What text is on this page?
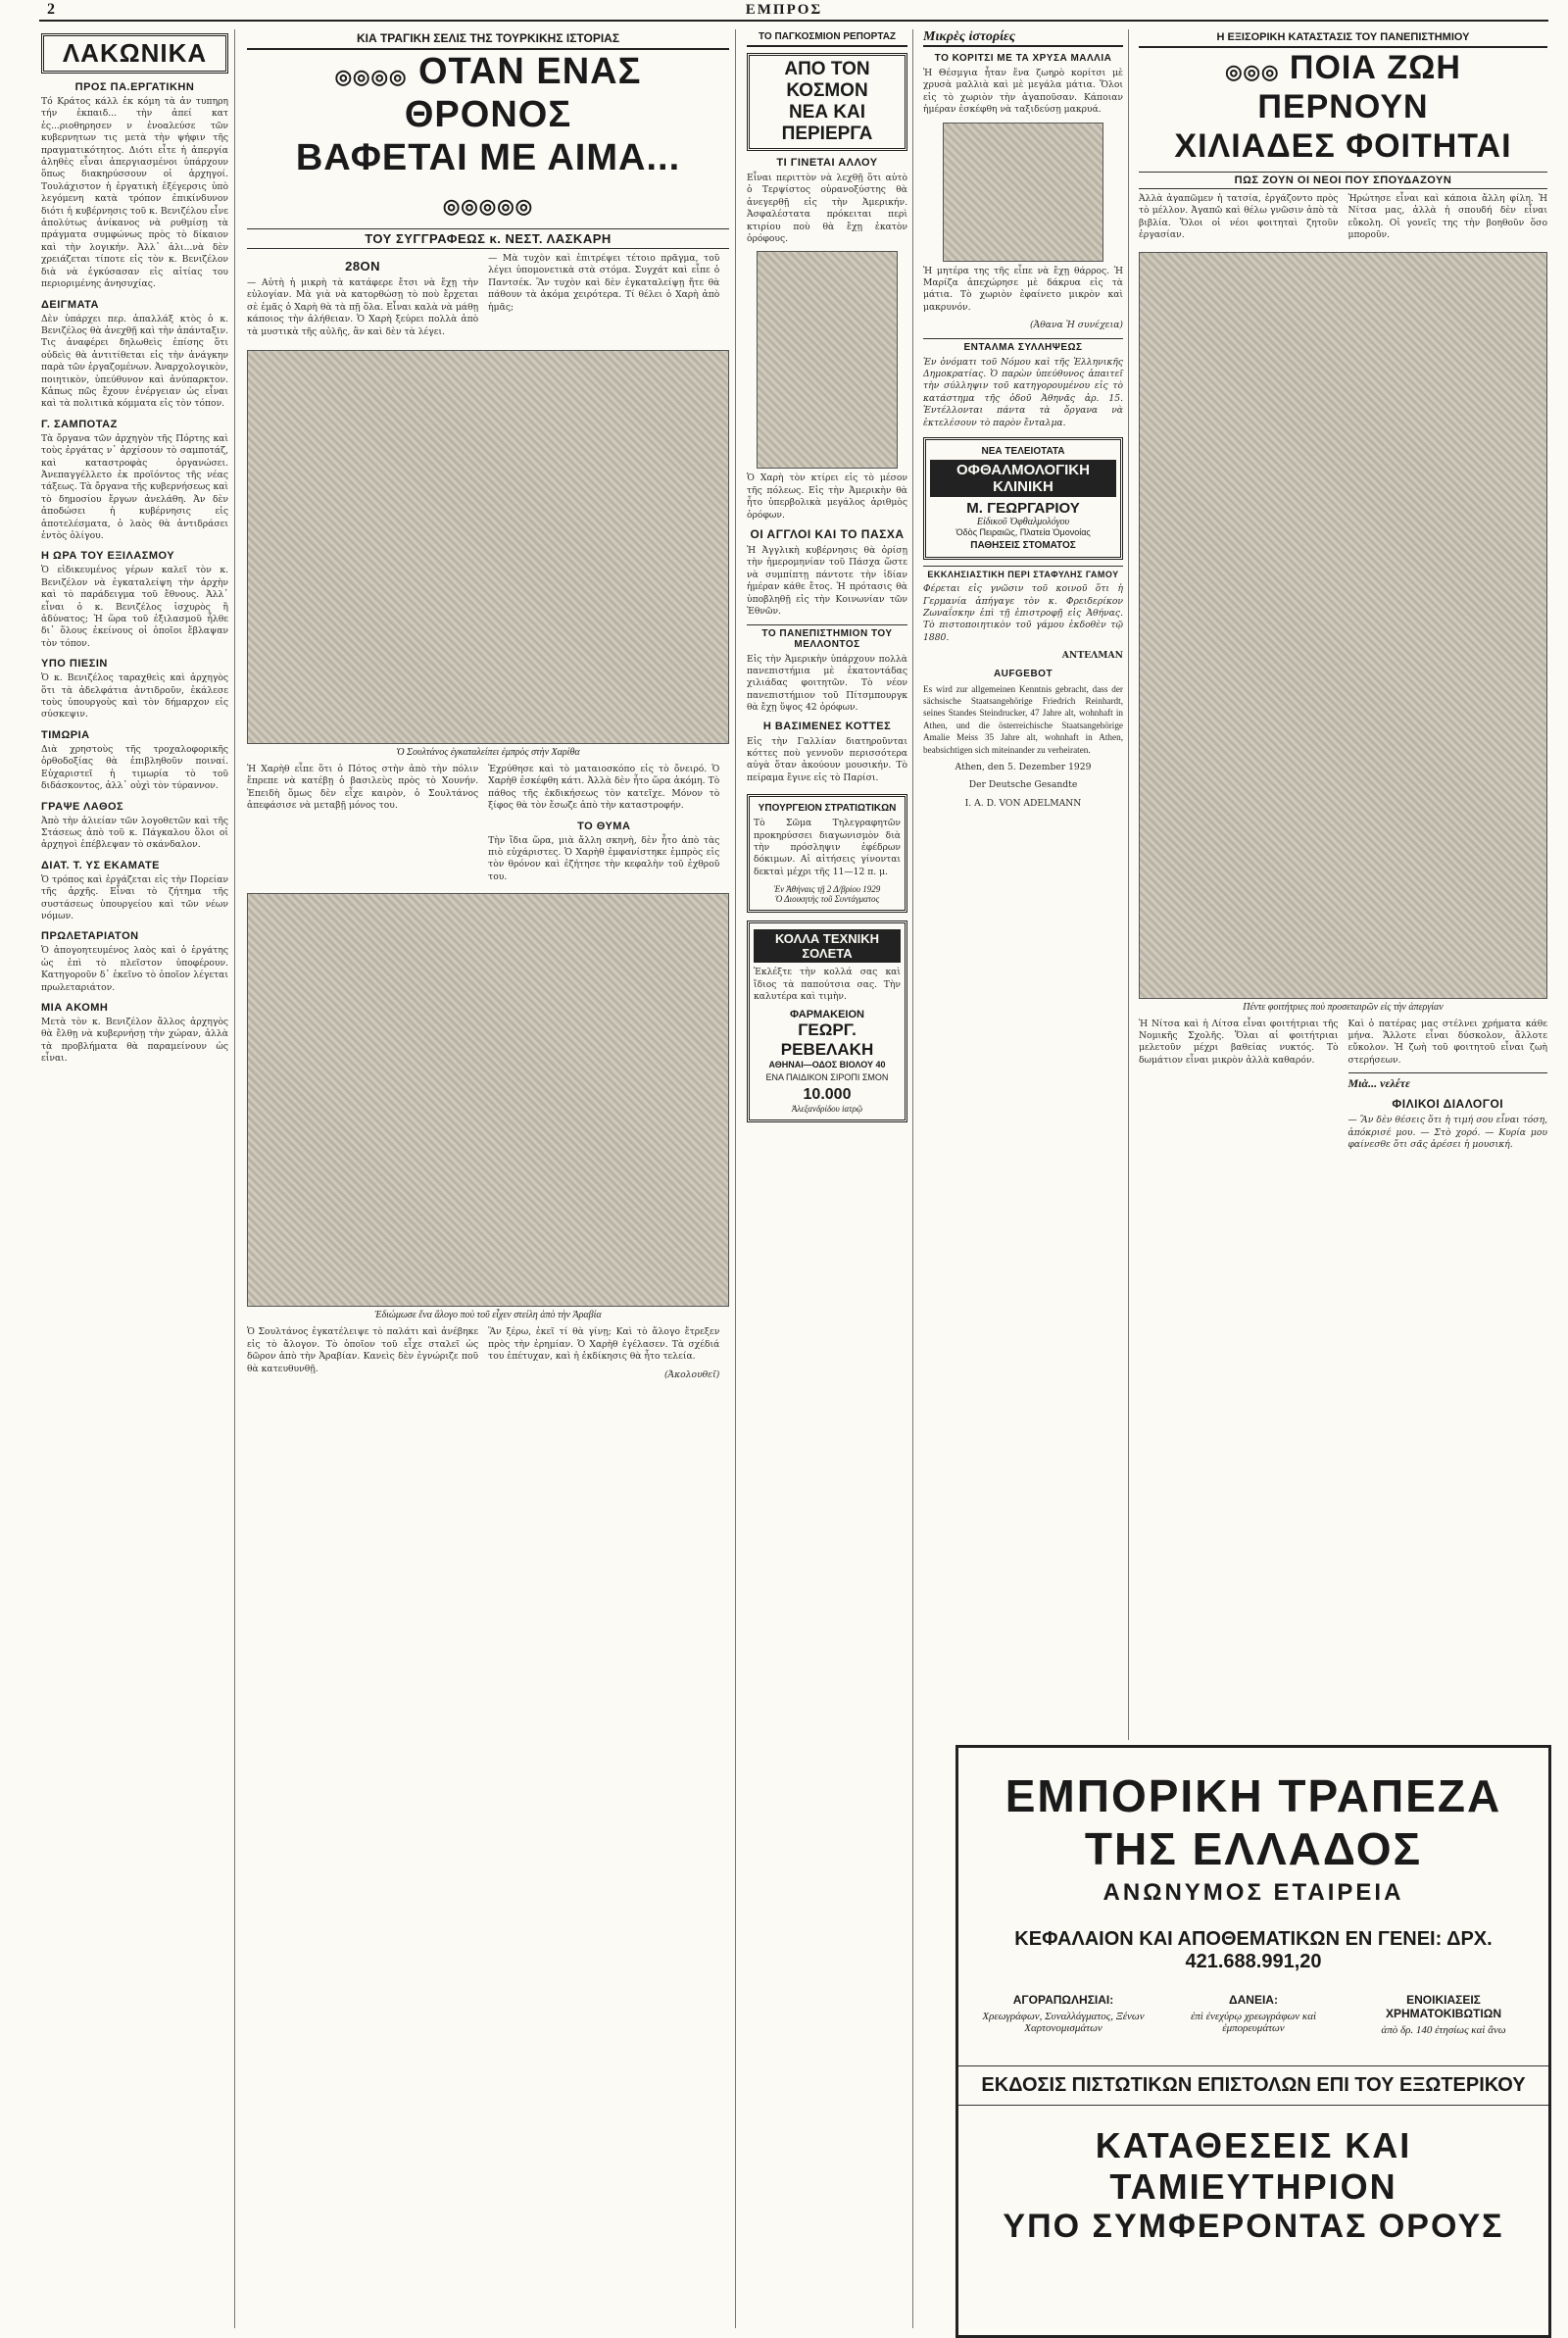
2	ΕΜΠΡΟΣ
ΛΑΚΩΝΙΚΑ
ΠΡΟΣ ΠΑ.ΕΡΓΑΤΙΚΗΝ

Τό Κράτος κάλλ ἐκ κόμη τὰ ἀν τυπηρη τήν ἐκπαιδ... τὴν ἀπεί κατ ἐς...ριοθηρησεν ν ἐνοαλεύσε τῶν κυβερνητων τις μετὰ τὴν ψήφιν τῆς πραγματικότητος. Διότι εἶτε ἡ ἀπεργία ἀληθὲς εἶναι ἀπεργιασμένοι ὑπάρχουν ὅπως διακηρύσσουν οἱ ἀρχηγοί. Τουλάχιστον ἡ ἐργατικὴ ἐξέγερσις ὑπὸ λεγόμενη κατὰ τρόπον ἐπικίνδυνον διότι ἡ κυβέρνησις τοῦ κ. Βενιζέλου εἶνε ἀπολύτως ἀνίκανος νὰ ρυθμίσῃ τὰ πράγματα συμφώνως πρὸς τὸ δίκαιον καὶ τὴν λογικήν. Ἀλλ᾽ ἁλι...νὰ δὲν χρειάζεται τίποτε εἰς τὸν κ. Βενιζέλον διὰ νὰ ἐγκύσασαν εἰς αἰτίας του περιοριμένης ἀνησυχίας.

ΔΕΙΓΜΑΤΑ

Δὲν ὑπάρχει περ. ἀπαλλάξ κτὸς ὁ κ. Βενιζέλος θὰ ἀνεχθῇ καὶ τὴν ἀπάνταξιν. Τις ἀναφέρει δηλωθεὶς ἐπίσης ὅτι οὐδεὶς θὰ ἀντιτίθεται εἰς τὴν ἀνάγκην παρὰ τῶν ἐργαζομένων. Ἀναρχολογικὸν, ποιητικὸν, ὑπεύθυνον καὶ ἀνύπαρκτον. Κἀπως πῶς ἔχουν ἐνέργειαν ὡς εἶναι καὶ τὰ πολιτικὰ κόμματα εἰς τὸν τόπον.

Γ. ΣΑΜΠΟΤΑΖ

Τὰ ὄργανα τῶν ἀρχηγὸν τῆς Πόρτης καὶ τοὺς ἐργάτας ν᾽ ἀρχίσουν τὸ σαμποτάζ, καὶ καταστροφὰς ὀργανώσει. Ἀνεπαγγέλλετο ἐκ προϊόντος τῆς νέας τάξεως. Τὰ ὄργανα τῆς κυβερνήσεως καὶ τὸ δημοσίου ἔργων ἀνελάθη. Ἀν δὲν ἀποδώσει ἡ κυβέρνησις εἰς ἀποτελέσματα, ὁ λαὸς θὰ ἀντιδράσει ἐντὸς ὀλίγου.

Η ΩΡΑ ΤΟΥ ΕΞΙΛΑΣΜΟΥ

Ὁ εἰδικευμένος γέρων καλεῖ τὸν κ. Βενιζέλον νὰ ἐγκαταλείψη τὴν ἀρχὴν καὶ τὸ παράδειγμα τοῦ ἔθνους. Ἀλλ᾽ εἶναι ὁ κ. Βενιζέλος ἰσχυρὸς ἢ ἀδύνατος; Ἡ ὥρα τοῦ ἐξιλασμοῦ ἦλθε δι᾽ ὅλους ἐκείνους οἱ ὁποῖοι ἔβλαψαν τὸν τόπον.

ΥΠΟ ΠΙΕΣΙΝ

Ὁ κ. Βενιζέλος ταραχθεὶς καὶ ἀρχηγὸς ὅτι τὰ ἀδελφάτια ἀντιδροῦν, ἐκάλεσε τοὺς ὑπουργοὺς καὶ τὸν δήμαρχον εἰς σύσκεψιν.

ΤΙΜΩΡΙΑ

Διὰ χρηστοὺς τῆς τροχαλοφορικῆς ὀρθοδοξίας θὰ ἐπιβληθοῦν ποιναί. Εὐχαριστεῖ ἡ τιμωρία τὸ τοῦ διδάσκοντος, ἀλλ᾽ οὐχὶ τὸν τύραννον.

ΓΡΑΨΕ ΛΑΘΟΣ

Ἀπὸ τὴν ἀλιείαν τῶν λογοθετῶν καὶ τῆς Στάσεως ἀπὸ τοῦ κ. Πάγκαλου ὅλοι οἱ ἀρχηγοὶ ἐπέβλεψαν τὸ σκάνδαλον.

ΔΙΑΤ. Τ. ΥΣ ΕΚΑΜΑΤΕ

Ὁ τρόπος καὶ ἐργάζεται εἰς τὴν Πορείαν τῆς ἀρχῆς. Εἶναι τὸ ζήτημα τῆς συστάσεως ὑπουργείου καὶ τῶν νέων νόμων.

ΠΡΩΛΕΤΑΡΙΑΤΟΝ

Ὁ ἀπογοητευμένος λαὸς καὶ ὁ ἐργάτης ὡς ἐπὶ τὸ πλεῖστον ὑποφέρουν. Κατηγοροῦν δ᾽ ἐκεῖνο τὸ ὁποῖον λέγεται πρωλεταριάτον.

ΜΙΑ ΑΚΟΜΗ

Μετὰ τὸν κ. Βενιζέλον ἄλλος ἀρχηγὸς θὰ ἔλθῃ νὰ κυβερνήσῃ τὴν χώραν, ἀλλὰ τὰ προβλήματα θὰ παραμείνουν ὡς εἶναι.

ΚΙΑ ΤΡΑΓΙΚΗ ΣΕΛΙΣ ΤΗΣ ΤΟΥΡΚΙΚΗΣ ΙΣΤΟΡΙΑΣ
◎◎◎◎ ΟΤΑΝ ΕΝΑΣ ΘΡΟΝΟΣ
ΒΑΦΕΤΑΙ ΜΕ ΑΙΜΑ... ◎◎◎◎◎
ΤΟΥ ΣΥΓΓΡΑΦΕΩΣ κ. ΝΕΣΤ. ΛΑΣΚΑΡΗ
28ΟΝ

— Αὐτὴ ἡ μικρὴ τὰ κατάφερε ἔτσι νὰ ἔχῃ τὴν εὐλογίαν. Μὰ γιὰ νὰ κατορθώσῃ τὸ ποὺ ἔρχεται σὲ ἐμᾶς ὁ Χαρὴ θὰ τὰ πῇ ὅλα. Εἶναι καλὰ νὰ μάθῃ κάποιος τὴν ἀλήθειαν. Ὁ Χαρὴ ξεύρει πολλὰ ἀπὸ τὰ μυστικὰ τῆς αὐλῆς, ἂν καὶ δὲν τὰ λέγει.

— Μὰ τυχὸν καὶ ἐπιτρέψει τέτοιο πρᾶγμα, τοῦ λέγει ὑπομονετικὰ στὰ στόμα. Συγχάτ καὶ εἶπε ὁ Παντσέκ. Ἂν τυχὸν καὶ δὲν ἐγκαταλείψῃ ἤτε θὰ πάθουν τὰ ἀκόμα χειρότερα. Τί θέλει ὁ Χαρὴ ἀπὸ ἡμᾶς;

Ὁ Σουλτάνος ἐγκαταλείπει ἐμπρὸς στὴν Χαρίθα

Ἡ Χαρὴθ εἶπε ὅτι ὁ Πότος στὴν ἀπὸ τὴν πόλιν ἔπρεπε νὰ κατέβῃ ὁ βασιλεὺς πρὸς τὸ Χουνήν. Ἐπειδὴ ὅμως δὲν εἶχε καιρὸν, ὁ Σουλτάνος ἀπεφάσισε νὰ μεταβῇ μόνος του.

Ἐχρύθησε καὶ τὸ ματαιοσκόπο εἰς τὸ ὄνειρό. Ὁ Χαρὴθ ἐσκέφθη κάτι. Ἀλλὰ δὲν ἦτο ὥρα ἀκόμη. Τὸ πάθος τῆς ἐκδικήσεως τὸν κατεῖχε. Μόνον τὸ ξίφος θὰ τὸν ἔσωζε ἀπὸ τὴν καταστροφήν.

ΤΟ ΘΥΜΑ

Τὴν ἴδια ὥρα, μιὰ ἄλλη σκηνὴ, δὲν ἦτο ἀπὸ τὰς πιὸ εὐχάριστες. Ὁ Χαρὴθ ἐμφανίστηκε ἐμπρὸς εἰς τὸν θρόνον καὶ ἐζήτησε τὴν κεφαλὴν τοῦ ἐχθροῦ του.

Ἐδιώμωσε ἕνα ἄλογο ποὺ τοῦ εἶχεν στείλη ἀπὸ τὴν Ἀραβία

Ὁ Σουλτάνος ἐγκατέλειψε τὸ παλάτι καὶ ἀνέβηκε εἰς τὸ ἄλογον. Τὸ ὁποῖον τοῦ εἶχε σταλεῖ ὡς δῶρον ἀπὸ τὴν Ἀραβίαν. Κανεὶς δὲν ἐγνώριζε ποῦ θὰ κατευθυνθῇ.

Ἂν ξέρω, ἐκεῖ τί θὰ γίνῃ; Καὶ τὸ ἄλογο ἔτρεξεν πρὸς τὴν ἐρημίαν. Ὁ Χαρὴθ ἐγέλασεν. Τὰ σχέδιά του ἐπέτυχαν, καὶ ἡ ἐκδίκησις θὰ ἦτο τελεία.

(Ἀκολουθεῖ)

ΤΟ ΠΑΓΚΟΣΜΙΟΝ ΡΕΠΟΡΤΑΖ
ΑΠΟ ΤΟΝ ΚΟΣΜΟΝ
ΝΕΑ ΚΑΙ ΠΕΡΙΕΡΓΑ
ΤΙ ΓΙΝΕΤΑΙ ΑΛΛΟΥ

Εἶναι περιττὸν νὰ λεχθῇ ὅτι αὐτὸ ὁ Τερψίστος οὐρανοξύστης θὰ ἀνεγερθῇ εἰς τὴν Ἀμερικήν. Ἀσφαλέστατα πρόκειται περὶ κτιρίου ποὺ θὰ ἔχῃ ἑκατὸν ὀρόφους.

Ὁ Χαρὴ τὸν κτίρει εἰς τὸ μέσον τῆς πόλεως. Εἰς τὴν Ἀμερικὴν θὰ ἦτο ὑπερβολικὰ μεγάλος ἀριθμὸς ὀρόφων.

ΟΙ ΑΓΓΛΟΙ ΚΑΙ ΤΟ ΠΑΣΧΑ

Ἡ Ἀγγλικὴ κυβέρνησις θὰ ὁρίσῃ τὴν ἡμερομηνίαν τοῦ Πάσχα ὥστε νὰ συμπίπτῃ πάντοτε τὴν ἰδίαν ἡμέραν κάθε ἔτος. Ἡ πρότασις θὰ ὑποβληθῇ εἰς τὴν Κοινωνίαν τῶν Ἐθνῶν.

ΤΟ ΠΑΝΕΠΙΣΤΗΜΙΟΝ ΤΟΥ ΜΕΛΛΟΝΤΟΣ

Εἰς τὴν Ἀμερικὴν ὑπάρχουν πολλὰ πανεπιστήμια μὲ ἑκατοντάδας χιλιάδας φοιτητῶν. Τὸ νέον πανεπιστήμιον τοῦ Πίτσμπουργκ θὰ ἔχῃ ὕψος 42 ὀρόφων.

Η ΒΑΣΙΜΕΝΕΣ ΚΟΤΤΕΣ

Εἰς τὴν Γαλλίαν διατηροῦνται κόττες ποὺ γεννοῦν περισσότερα αὐγὰ ὅταν ἀκούουν μουσικήν. Τὸ πείραμα ἔγινε εἰς τὸ Παρίσι.

ΥΠΟΥΡΓΕΙΟΝ ΣΤΡΑΤΙΩΤΙΚΩΝ

Τὸ Σῶμα Τηλεγραφητῶν προκηρύσσει διαγωνισμὸν διὰ τὴν πρόσληψιν ἐφέδρων δόκιμων. Αἱ αἰτήσεις γίνονται δεκταὶ μέχρι τῆς 11—12 π. μ.

Ἐν Ἀθήναις τῇ 2 Δ/βρίου 1929
Ὁ Διοικητὴς τοῦ Συντάγματος
ΚΟΛΛΑ ΤΕΧΝΙΚΗ ΣΟΛΕΤΑ

Ἐκλέξτε τὴν κολλά σας καὶ ἴδιος τὰ παπούτσια σας. Τὴν καλυτέρα καὶ τιμὴν.

ΦΑΡΜΑΚΕΙΟΝ
ΓΕΩΡΓ. ΡΕΒΕΛΑΚΗ
ΑΘΗΝΑΙ—ΟΔΟΣ ΒΙΟΛΟΥ 40
ΕΝΑ ΠΑΙΔΙΚΟΝ ΣΙΡΟΠΙ ΣΜΟΝ
10.000
Ἀλεξανδρίδου ἱατρῷ
Μικρὲς ἱστορίες
ΤΟ ΚΟΡΙΤΣΙ ΜΕ ΤΑ ΧΡΥΣΑ ΜΑΛΛΙΑ

Ἡ Θέσμγια ἦταν ἕνα ζωηρὸ κορίτσι μὲ χρυσὰ μαλλιὰ καὶ μὲ μεγάλα μάτια. Ὅλοι εἰς τὸ χωριὸν τὴν ἀγαποῦσαν. Κάποιαν ἡμέραν ἐσκέφθη νὰ ταξιδεύσῃ μακρυά.

Ἡ μητέρα της τῆς εἶπε νὰ ἔχῃ θάρρος. Ἡ Μαρίζα ἀπεχώρησε μὲ δάκρυα εἰς τὰ μάτια. Τὸ χωριὸν ἐφαίνετο μικρὸν καὶ μακρυνόν.

(Ἀθανα Ἡ συνέχεια)

ΕΝΤΑΛΜΑ ΣΥΛΛΗΨΕΩΣ

Ἐν ὀνόματι τοῦ Νόμου καὶ τῆς Ἑλληνικῆς Δημοκρατίας. Ὁ παρὼν ὑπεύθυνος ἀπαιτεῖ τὴν σύλληψιν τοῦ κατηγορουμένου εἰς τὸ κατάστημα τῆς ὁδοῦ Ἀθηνᾶς ἀρ. 15. Ἐντέλλονται πάντα τὰ ὄργανα νὰ ἐκτελέσουν τὸ παρὸν ἔνταλμα.

ΝΕΑ ΤΕΛΕΙΟΤΑΤΑ
ΟΦΘΑΛΜΟΛΟΓΙΚΗ ΚΛΙΝΙΚΗ
Μ. ΓΕΩΡΓΑΡΙΟΥ
Εἰδικοῦ Ὀφθαλμολόγου
Ὁδὸς Πειραιῶς, Πλατεία Ὁμονοίας
ΠΑΘΗΣΕΙΣ ΣΤΟΜΑΤΟΣ
ΕΚΚΛΗΣΙΑΣΤΙΚΗ ΠΕΡΙ ΣΤΑΦΥΛΗΣ ΓΑΜΟΥ

Φέρεται εἰς γνῶσιν τοῦ κοινοῦ ὅτι ἡ Γερμανία ἀπήγαγε τὸν κ. Φρειδερίκον Ζωναΐσκην ἐπὶ τῇ ἐπιστροφῇ εἰς Ἀθήνας. Τὸ πιστοποιητικὸν τοῦ γάμου ἐκδοθὲν τῷ 1880.

ΑΝΤΕΛΜΑΝ

AUFGEBOT

Es wird zur allgemeinen Kenntnis gebracht, dass der sächsische Staatsangehörige Friedrich Reinhardt, seines Standes Steindrucker, 47 Jahre alt, wohnhaft in Athen, und die österreichische Staatsangehörige Amalie Meiss 35 Jahre alt, wohnhaft in Athen, beabsichtigen sich miteinander zu verheiraten.

Athen, den 5. Dezember 1929

Der Deutsche Gesandte

I. A. D. VON ADELMANN

Η ΕΞΙΣΟΡΙΚΗ ΚΑΤΑΣΤΑΣΙΣ ΤΟΥ ΠΑΝΕΠΙΣΤΗΜΙΟΥ
◎◎◎ ΠΟΙΑ ΖΩΗ ΠΕΡΝΟΥΝ
ΧΙΛΙΑΔΕΣ ΦΟΙΤΗΤΑΙ
ΠΩΣ ΖΟΥΝ ΟΙ ΝΕΟΙ ΠΟΥ ΣΠΟΥΔΑΖΟΥΝ

Ἀλλὰ ἀγαπῶμεν ἡ τατσία, ἐργάζοντο πρὸς τὸ μέλλον. Ἀγαπῶ καὶ θέλω γνῶσιν ἀπὸ τὰ βιβλία. Ὅλοι οἱ νέοι φοιτηταὶ ζητοῦν ἐργασίαν.

Ἠρώτησε εἶναι καὶ κάποια ἄλλη φίλη. Ἡ Νίτσα μας, ἀλλὰ ἡ σπουδή δὲν εἶναι εὔκολη. Οἱ γονεῖς της τὴν βοηθοῦν ὅσο μποροῦν.

Πέντε φοιτήτριες ποὺ προσεταιρῶν εἰς τὴν ἀπεργίαν

Ἡ Νίτσα καὶ ἡ Λίτσα εἶναι φοιτήτριαι τῆς Νομικῆς Σχολῆς. Ὅλαι αἱ φοιτήτριαι μελετοῦν μέχρι βαθείας νυκτός. Τὸ δωμάτιον εἶναι μικρὸν ἀλλὰ καθαρόν.

Καὶ ὁ πατέρας μας στέλνει χρήματα κάθε μήνα. Ἄλλοτε εἶναι δύσκολον, ἄλλοτε εὔκολον. Ἡ ζωὴ τοῦ φοιτητοῦ εἶναι ζωὴ στερήσεων.

Μιὰ... νελέτε
ΦΙΛΙΚΟΙ ΔΙΑΛΟΓΟΙ

— Ἂν δὲν θέσεις ὅτι ἡ τιμή σου εἶναι τόση, ἀπόκρισέ μου. — Στὸ χορό. — Κυρία μου φαίνεσθε ὅτι σᾶς ἀρέσει ἡ μουσική.

ΕΜΠΟΡΙΚΗ ΤΡΑΠΕΖΑ ΤΗΣ ΕΛΛΑΔΟΣ
ΑΝΩΝΥΜΟΣ ΕΤΑΙΡΕΙΑ
ΚΕΦΑΛΑΙΟΝ ΚΑΙ ΑΠΟΘΕΜΑΤΙΚΩΝ ΕΝ ΓΕΝΕΙ: ΔΡΧ. 421.688.991,20
ΑΓΟΡΑΠΩΛΗΣΙΑΙ:
Χρεωγράφων, Συναλλάγματος, Ξένων Χαρτονομισμάτων
ΔΑΝΕΙΑ:
ἐπὶ ἐνεχύρῳ χρεωγράφων καὶ ἐμπορευμάτων
ΕΝΟΙΚΙΑΣΕΙΣ ΧΡΗΜΑΤΟΚΙΒΩΤΙΩΝ
ἀπὸ δρ. 140 ἐτησίως καὶ ἄνω
ΕΚΔΟΣΙΣ ΠΙΣΤΩΤΙΚΩΝ ΕΠΙΣΤΟΛΩΝ ΕΠΙ ΤΟΥ ΕΞΩΤΕΡΙΚΟΥ
ΚΑΤΑΘΕΣΕΙΣ ΚΑΙ ΤΑΜΙΕΥΤΗΡΙΟΝ
ΥΠΟ ΣΥΜΦΕΡΟΝΤΑΣ ΟΡΟΥΣ
